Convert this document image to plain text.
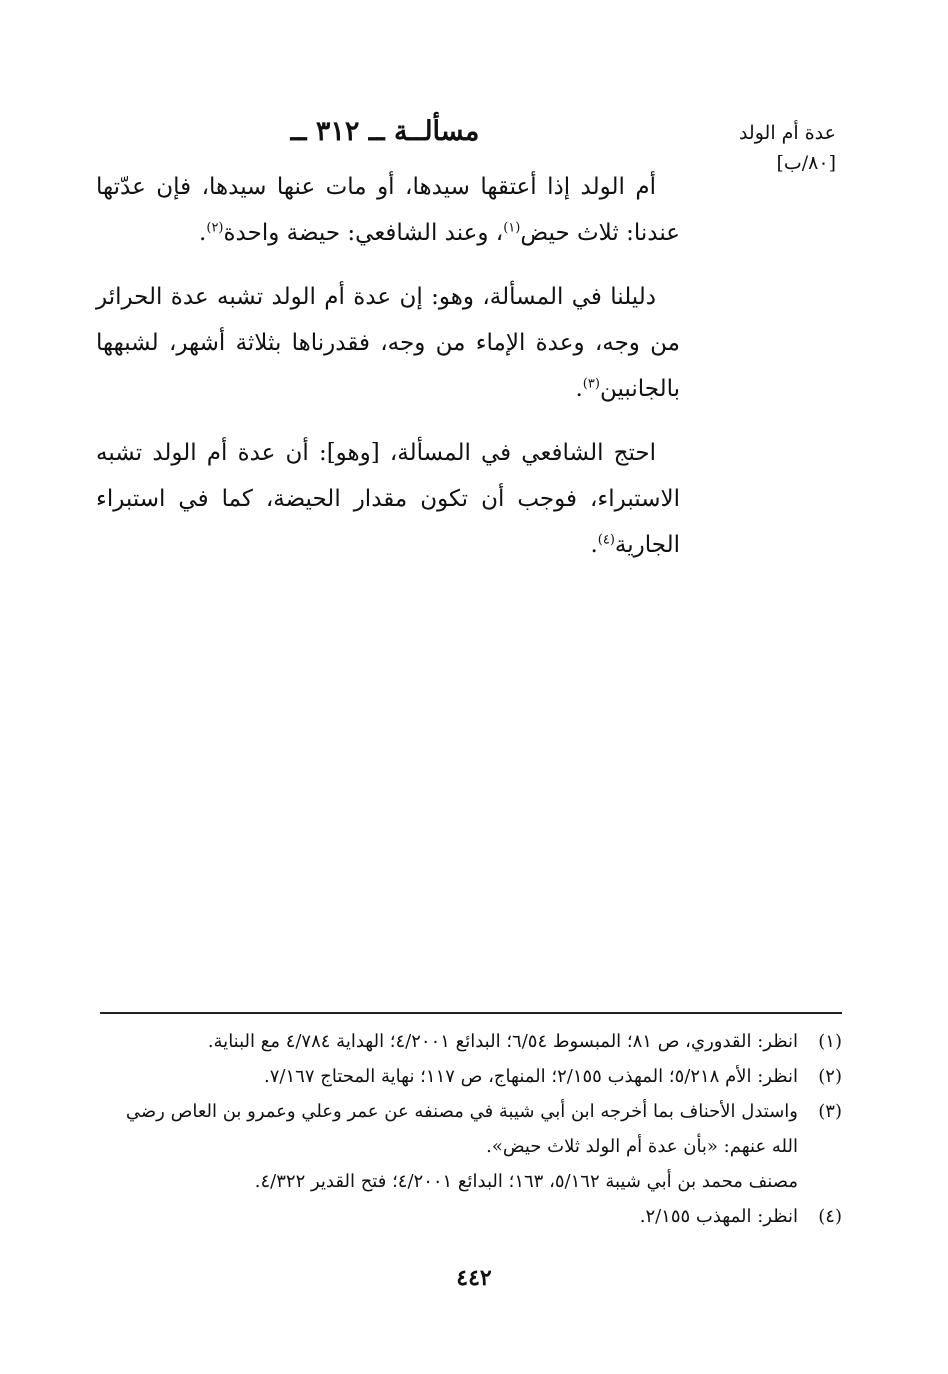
عدة أم الولد
[٨٠/ب]
مسألــة ــ ٣١٢ ــ

أم الولد إذا أعتقها سيدها، أو مات عنها سيدها، فإن عدّتها عندنا: ثلاث حيض$^{(١)}$، وعند الشافعي: حيضة واحدة$^{(٢)}$.

دليلنا في المسألة، وهو: إن عدة أم الولد تشبه عدة الحرائر من وجه، وعدة الإماء من وجه، فقدرناها بثلاثة أشهر، لشبهها بالجانبين$^{(٣)}$.

احتج الشافعي في المسألة، [وهو]: أن عدة أم الولد تشبه الاستبراء، فوجب أن تكون مقدار الحيضة، كما في استبراء الجارية$^{(٤)}$.

(١)
انظر: القدوري، ص ٨١؛ المبسوط ٦/٥٤؛ البدائع ٤/٢٠٠١؛ الهداية ٤/٧٨٤ مع البناية.
(٢)
انظر: الأم ٥/٢١٨؛ المهذب ٢/١٥٥؛ المنهاج، ص ١١٧؛ نهاية المحتاج ٧/١٦٧.
(٣)
واستدل الأحناف بما أخرجه ابن أبي شيبة في مصنفه عن عمر وعلي وعمرو بن العاص رضي الله عنهم: «بأن عدة أم الولد ثلاث حيض».
مصنف محمد بن أبي شيبة ٥/١٦٢، ١٦٣؛ البدائع ٤/٢٠٠١؛ فتح القدير ٤/٣٢٢.
(٤)
انظر: المهذب ٢/١٥٥.
٤٤٢
